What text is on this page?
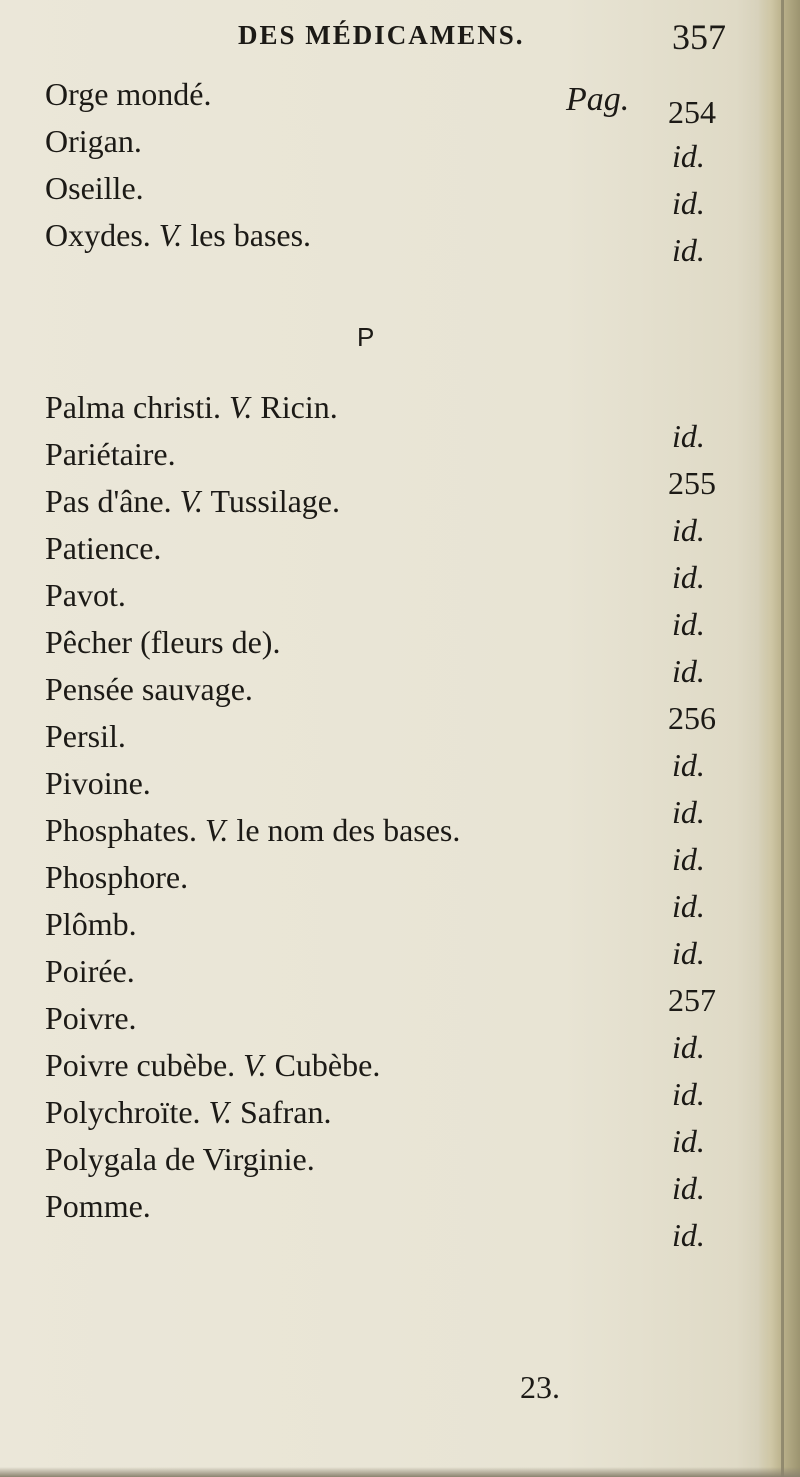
DES MÉDICAMENS.	357
Pag.
P
Orge mondé.
Origan.
Oseille.
Oxydes. V. les bases.
Palma christi. V. Ricin.
Pariétaire.
Pas d'âne. V. Tussilage.
Patience.
Pavot.
Pêcher (fleurs de).
Pensée sauvage.
Persil.
Pivoine.
Phosphates. V. le nom des bases.
Phosphore.
Plômb.
Poirée.
Poivre.
Poivre cubèbe. V. Cubèbe.
Polychroïte. V. Safran.
Polygala de Virginie.
Pomme.
254
id.
id.
id.
id.
255
id.
id.
id.
id.
256
id.
id.
id.
id.
id.
257
id.
id.
id.
id.
id.
23.
